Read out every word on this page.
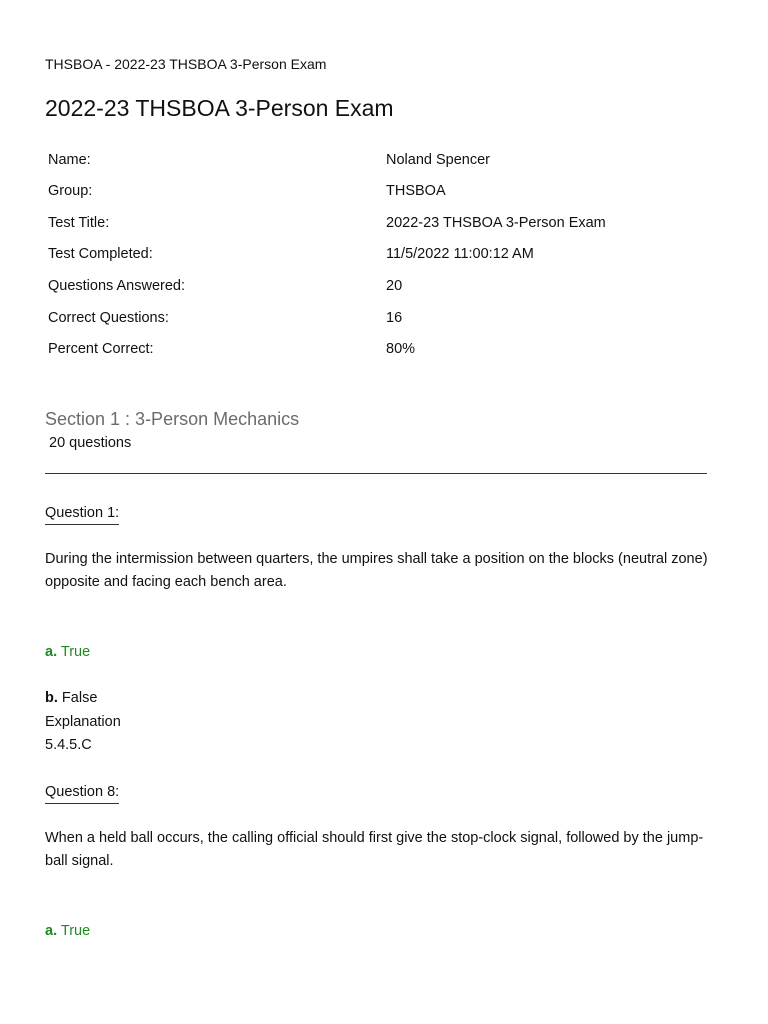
THSBOA - 2022-23 THSBOA 3-Person Exam
2022-23 THSBOA 3-Person Exam
Name:	Noland Spencer
Group:	THSBOA
Test Title:	2022-23 THSBOA 3-Person Exam
Test Completed:	11/5/2022 11:00:12 AM
Questions Answered:	20
Correct Questions:	16
Percent Correct:	80%
Section 1 : 3-Person Mechanics
20 questions
Question 1:
During the intermission between quarters, the umpires shall take a position on the blocks (neutral zone) opposite and facing each bench area.
a. True
b. False
Explanation
5.4.5.C
Question 8:
When a held ball occurs, the calling official should first give the stop-clock signal, followed by the jump-ball signal.
a. True
